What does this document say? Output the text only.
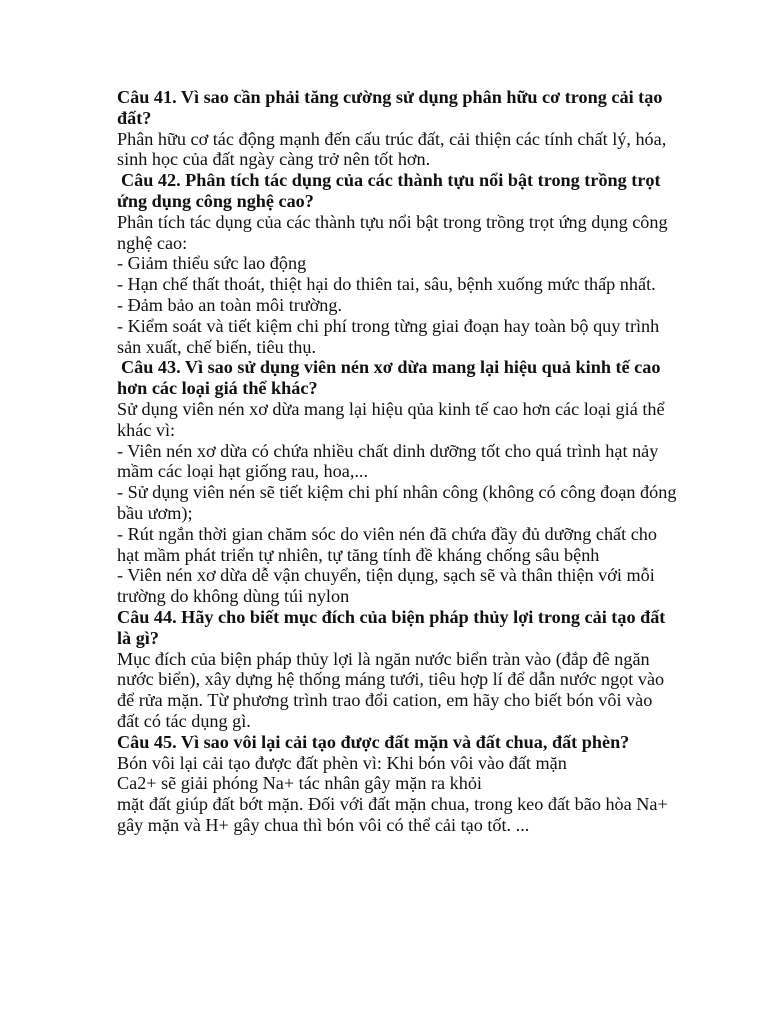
Câu 41. Vì sao cần phải tăng cường sử dụng phân hữu cơ trong cải tạo đất?

Phân hữu cơ tác động mạnh đến cấu trúc đất, cải thiện các tính chất lý, hóa, sinh học của đất ngày càng trở nên tốt hơn.

Câu 42. Phân tích tác dụng của các thành tựu nổi bật trong trồng trọt ứng dụng công nghệ cao?

Phân tích tác dụng của các thành tựu nổi bật trong trồng trọt ứng dụng công nghệ cao:

- Giảm thiểu sức lao động

- Hạn chế thất thoát, thiệt hại do thiên tai, sâu, bệnh xuống mức thấp nhất.

- Đảm bảo an toàn môi trường.

- Kiểm soát và tiết kiệm chi phí trong từng giai đoạn hay toàn bộ quy trình sản xuất, chế biến, tiêu thụ.

Câu 43. Vì sao sử dụng viên nén xơ dừa mang lại hiệu quả kinh tế cao hơn các loại giá thể khác?

Sử dụng viên nén xơ dừa mang lại hiệu qủa kinh tế cao hơn các loại giá thể khác vì:

- Viên nén xơ dừa có chứa nhiều chất dinh dưỡng tốt cho quá trình hạt nảy mầm các loại hạt giống rau, hoa,...

- Sử dụng viên nén sẽ tiết kiệm chi phí nhân công (không có công đoạn đóng bầu ươm);

- Rút ngắn thời gian chăm sóc do viên nén đã chứa đầy đủ dưỡng chất cho hạt mầm phát triển tự nhiên, tự tăng tính đề kháng chống sâu bệnh

- Viên nén xơ dừa dễ vận chuyển, tiện dụng, sạch sẽ và thân thiện với mỗi trường do không dùng túi nylon

Câu 44. Hãy cho biết mục đích của biện pháp thủy lợi trong cải tạo đất là gì?

Mục đích của biện pháp thủy lợi là ngăn nước biển tràn vào (đắp đê ngăn nước biển), xây dựng hệ thống máng tưới, tiêu hợp lí để dẫn nước ngọt vào để rửa mặn. Từ phương trình trao đổi cation, em hãy cho biết bón vôi vào đất có tác dụng gì.

Câu 45. Vì sao vôi lại cải tạo được đất mặn và đất chua, đất phèn?

Bón vôi lại cải tạo được đất phèn vì: Khi bón vôi vào đất mặn

Ca2+ sẽ giải phóng Na+ tác nhân gây mặn ra khỏi

mặt đất giúp đất bớt mặn. Đối với đất mặn chua, trong keo đất bão hòa Na+ gây mặn và H+ gây chua thì bón vôi có thể cải tạo tốt. ...
